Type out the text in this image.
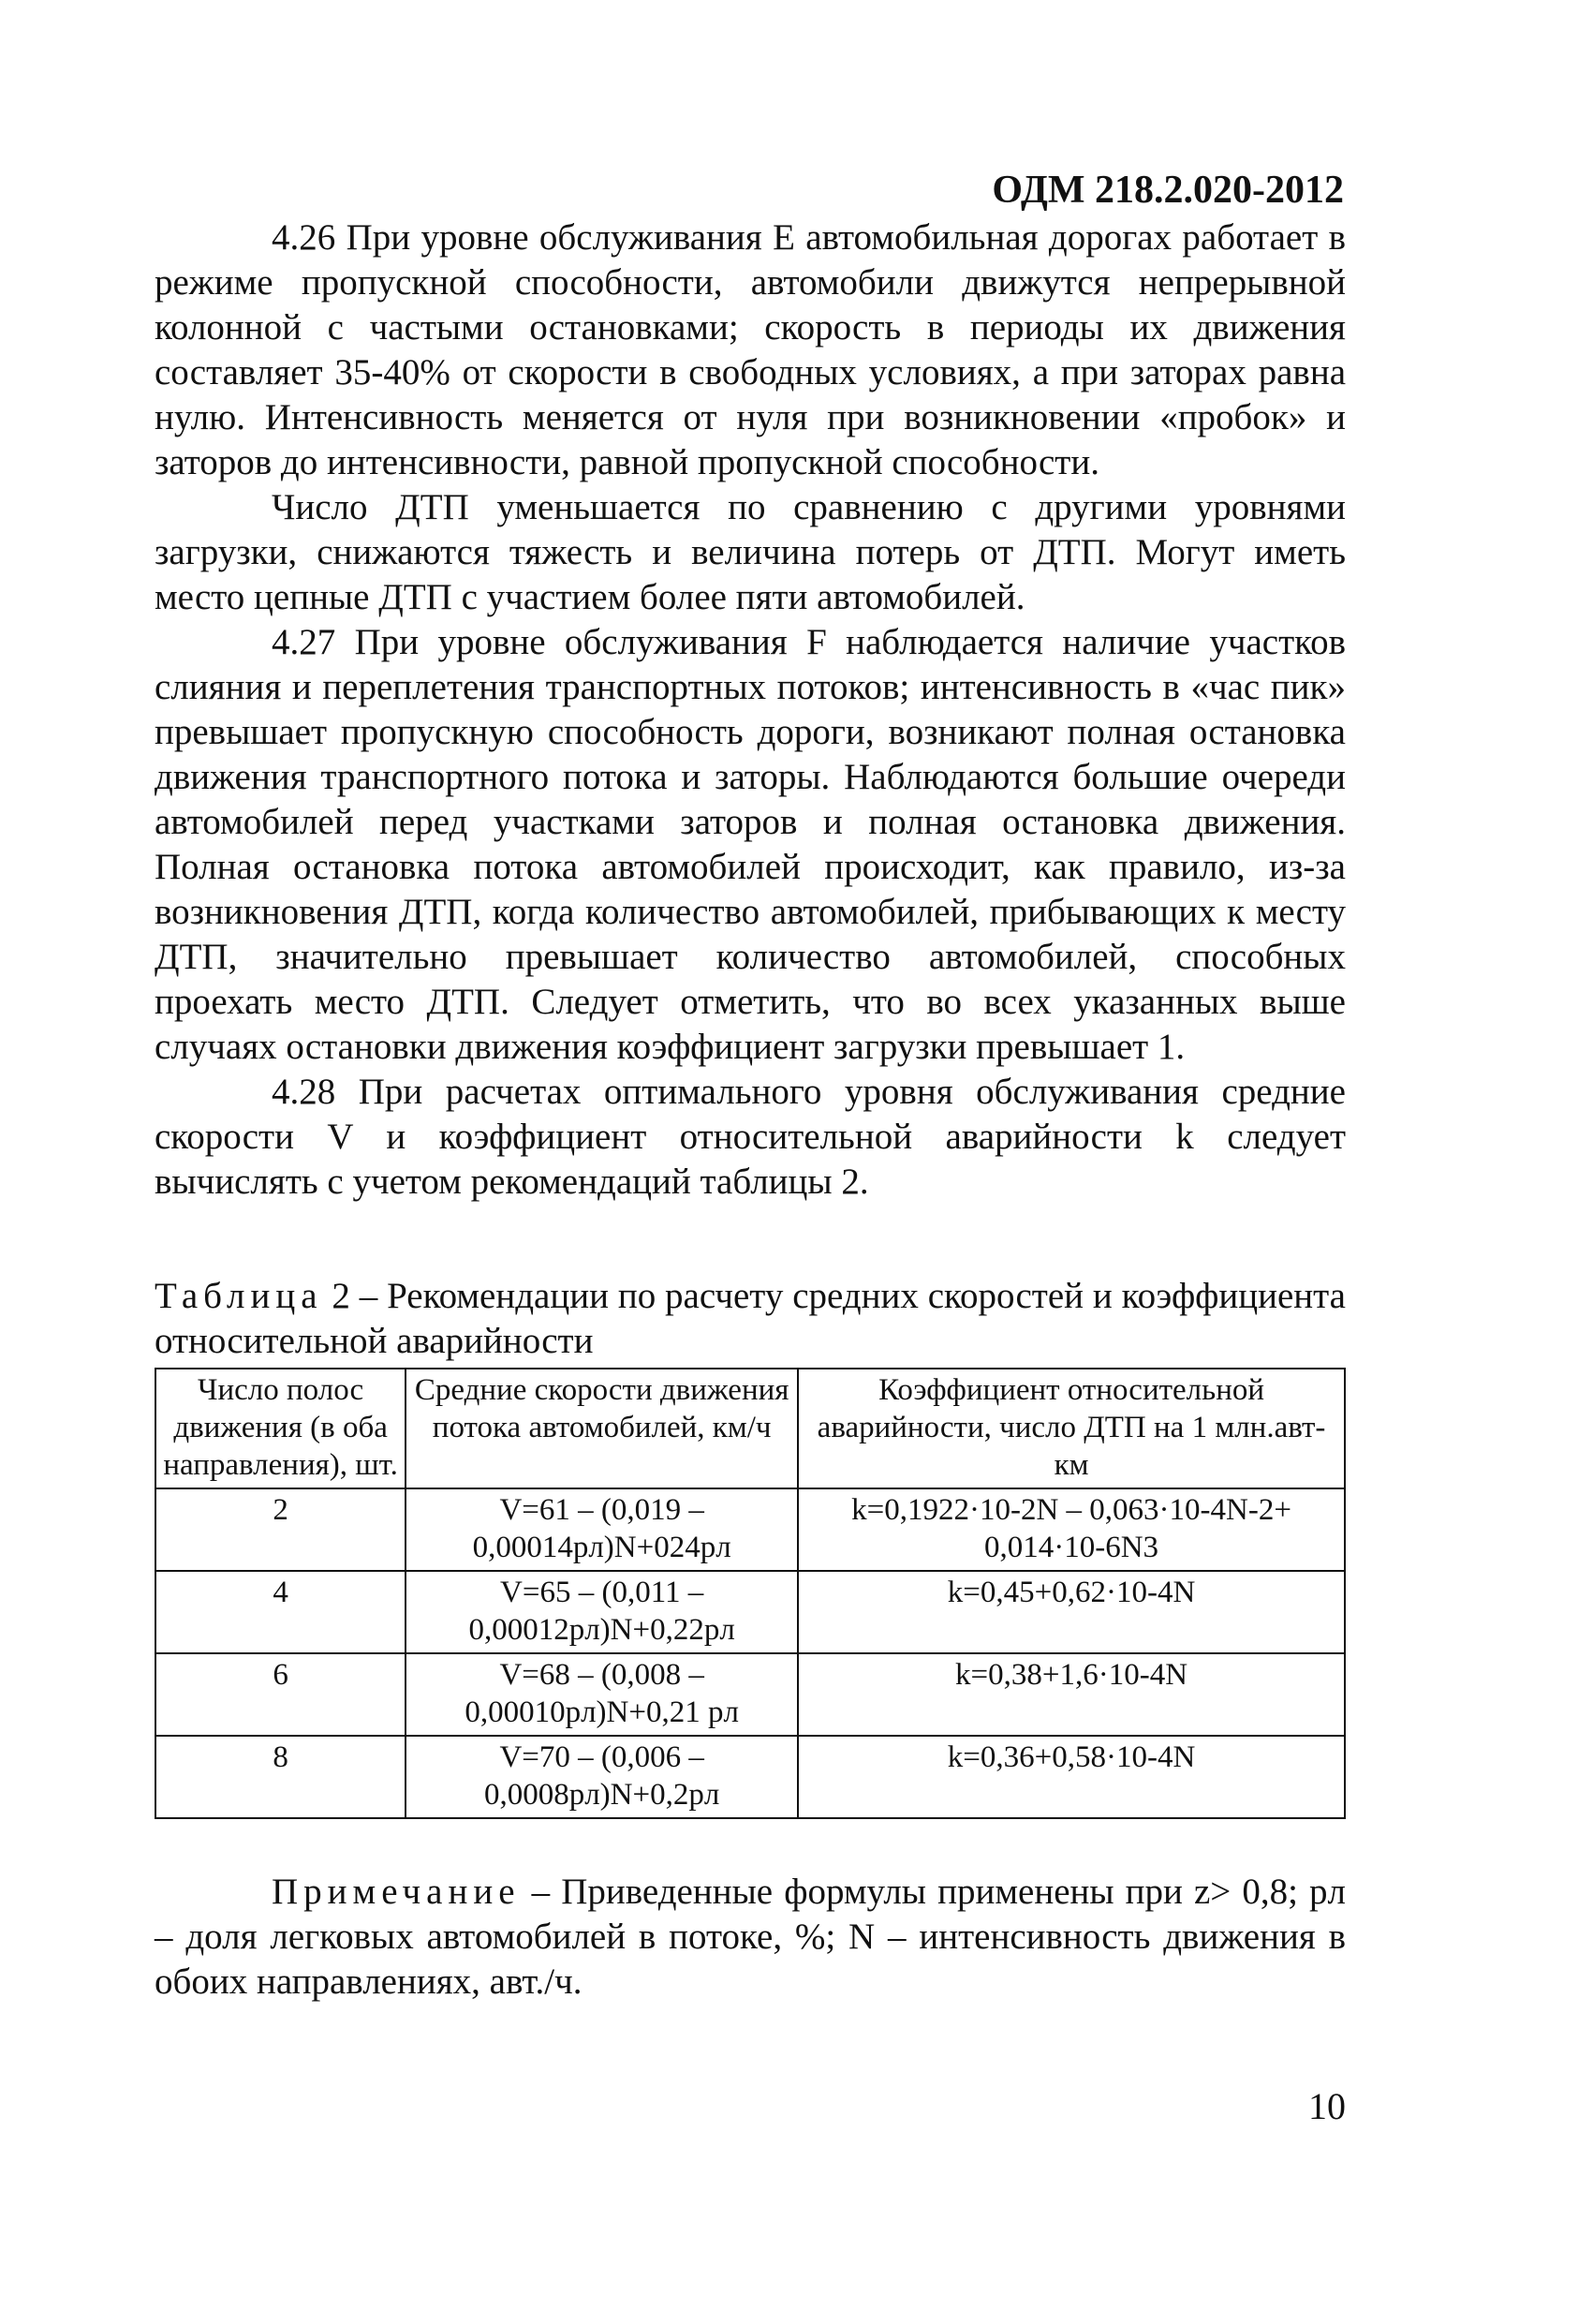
ОДМ 218.2.020-2012

4.26 При уровне обслуживания Е автомобильная дорогах работает в режиме пропускной способности, автомобили движутся непрерывной колонной с частыми остановками; скорость в периоды их движения составляет 35-40% от скорости в свободных условиях, а при заторах равна нулю. Интенсивность меняется от нуля при возникновении «пробок» и заторов до интенсивности, равной пропускной способности.

Число ДТП уменьшается по сравнению с другими уровнями загрузки, снижаются тяжесть и величина потерь от ДТП. Могут иметь место цепные ДТП с участием более пяти автомобилей.

4.27 При уровне обслуживания F наблюдается наличие участков слияния и переплетения транспортных потоков; интенсивность в «час пик» превышает пропускную способность дороги, возникают полная остановка движения транспортного потока и заторы. Наблюдаются большие очереди автомобилей перед участками заторов и полная остановка движения. Полная остановка потока автомобилей происходит, как правило, из-за возникновения ДТП, когда количество автомобилей, прибывающих к месту ДТП, значительно превышает количество автомобилей, способных проехать место ДТП. Следует отметить, что во всех указанных выше случаях остановки движения коэффициент загрузки превышает 1.

4.28 При расчетах оптимального уровня обслуживания средние скорости V и коэффициент относительной аварийности k следует вычислять с учетом рекомендаций таблицы 2.

Таблица 2 – Рекомендации по расчету средних скоростей и коэффициента относительной аварийности
Число полос движения (в оба направления), шт.	Средние скорости движения потока автомобилей, км/ч	Коэффициент относительной аварийности, число ДТП на 1 млн.авт-км
2	V=61 – (0,019 – 0,00014pл)N+024pл	k=0,1922·10-2N – 0,063·10-4N-2+ 0,014·10-6N3
4	V=65 – (0,011 – 0,00012pл)N+0,22pл	k=0,45+0,62·10-4N
6	V=68 – (0,008 – 0,00010pл)N+0,21 pл	k=0,38+1,6·10-4N
8	V=70 – (0,006 – 0,0008pл)N+0,2pл	k=0,36+0,58·10-4N
Примечание – Приведенные формулы применены при z> 0,8; pл – доля легковых автомобилей в потоке, %; N – интенсивность движения в обоих направлениях, авт./ч.
10
